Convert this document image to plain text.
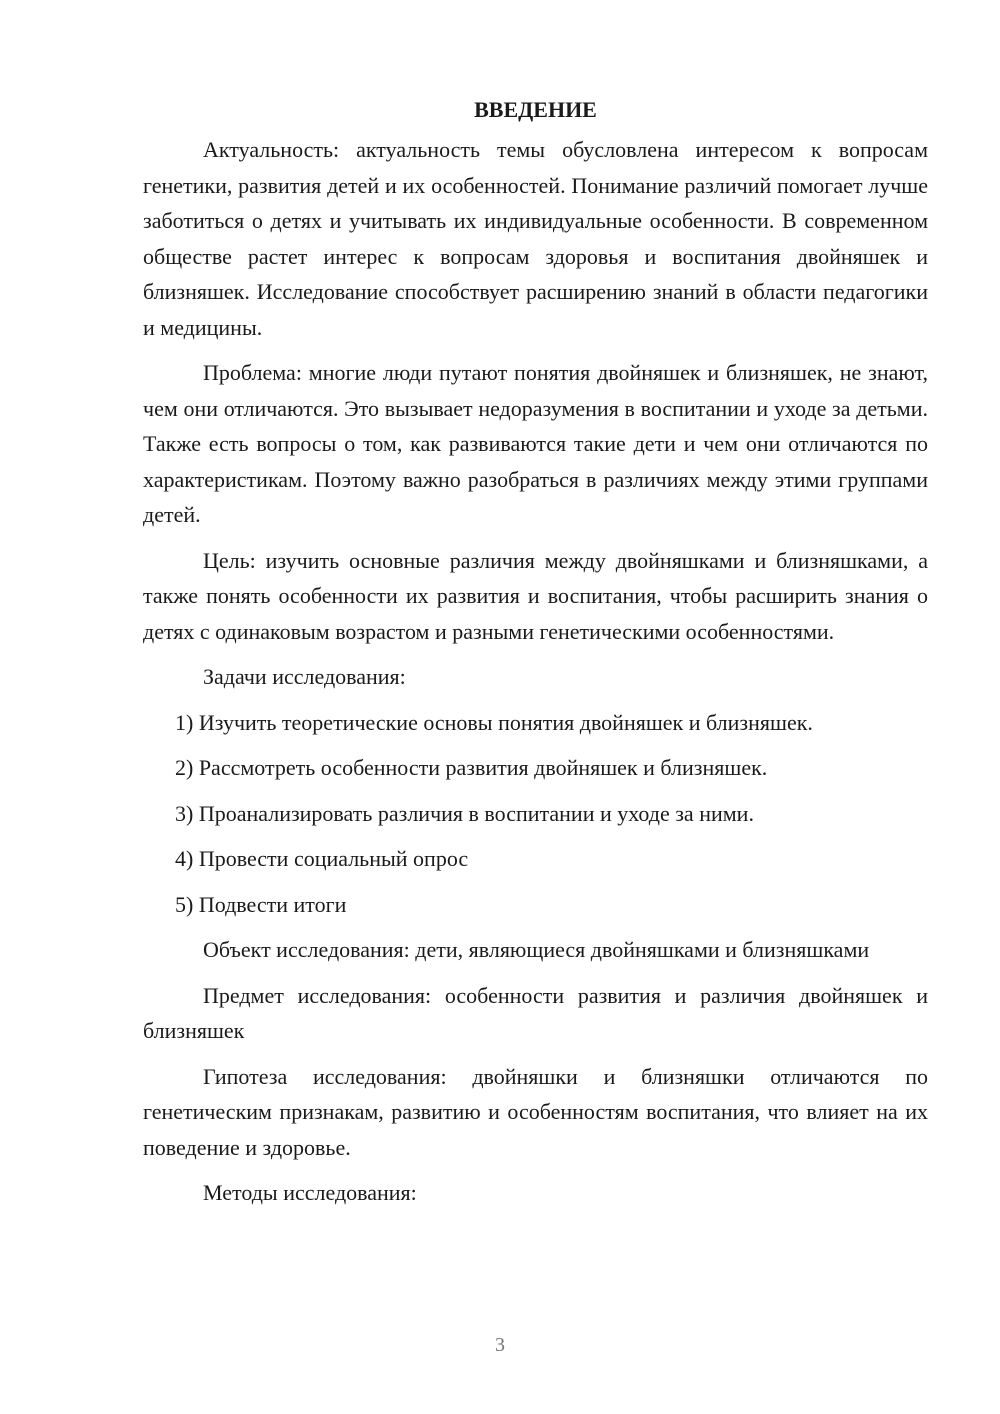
ВВЕДЕНИЕ

Актуальность: актуальность темы обусловлена интересом к вопросам генетики, развития детей и их особенностей. Понимание различий помогает лучше заботиться о детях и учитывать их индивидуальные особенности. В современном обществе растет интерес к вопросам здоровья и воспитания двойняшек и близняшек. Исследование способствует расширению знаний в области педагогики и медицины.

Проблема: многие люди путают понятия двойняшек и близняшек, не знают, чем они отличаются. Это вызывает недоразумения в воспитании и уходе за детьми. Также есть вопросы о том, как развиваются такие дети и чем они отличаются по характеристикам. Поэтому важно разобраться в различиях между этими группами детей.

Цель: изучить основные различия между двойняшками и близняшками, а также понять особенности их развития и воспитания, чтобы расширить знания о детях с одинаковым возрастом и разными генетическими особенностями.

Задачи исследования:

1) Изучить теоретические основы понятия двойняшек и близняшек.
2) Рассмотреть особенности развития двойняшек и близняшек.
3) Проанализировать различия в воспитании и уходе за ними.
4) Провести социальный опрос
5) Подвести итоги

Объект исследования: дети, являющиеся двойняшками и близняшками

Предмет исследования: особенности развития и различия двойняшек и близняшек

Гипотеза исследования: двойняшки и близняшки отличаются по генетическим признакам, развитию и особенностям воспитания, что влияет на их поведение и здоровье.

Методы исследования:

3
